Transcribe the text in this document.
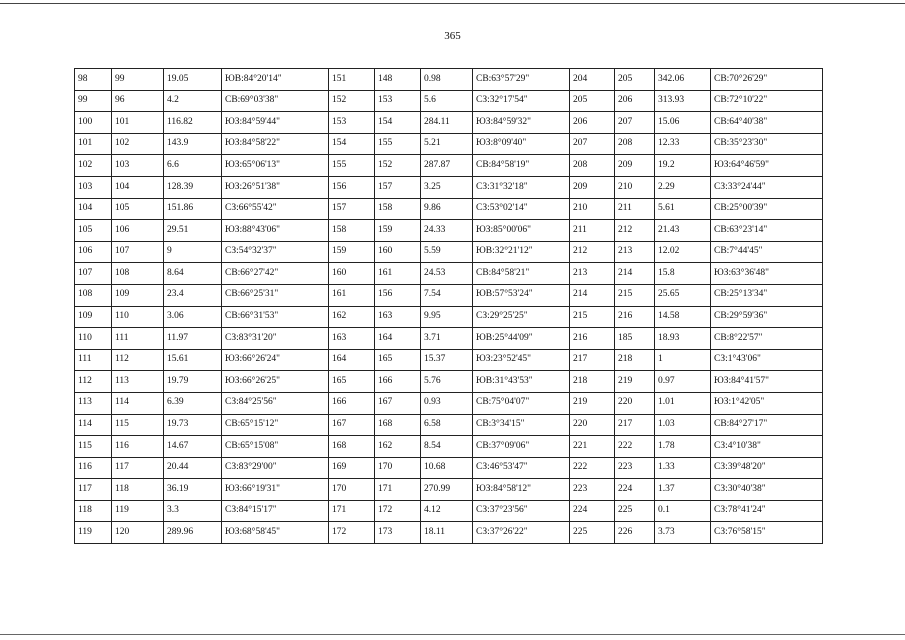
365
98	99	19.05	ЮВ:84°20'14"	151	148	0.98	СВ:63°57'29"	204	205	342.06	СВ:70°26'29"
99	96	4.2	СВ:69°03'38"	152	153	5.6	СЗ:32°17'54"	205	206	313.93	СВ:72°10'22"
100	101	116.82	ЮЗ:84°59'44"	153	154	284.11	ЮЗ:84°59'32"	206	207	15.06	СВ:64°40'38"
101	102	143.9	ЮЗ:84°58'22"	154	155	5.21	ЮЗ:8°09'40"	207	208	12.33	СВ:35°23'30"
102	103	6.6	ЮЗ:65°06'13"	155	152	287.87	СВ:84°58'19"	208	209	19.2	ЮЗ:64°46'59"
103	104	128.39	ЮЗ:26°51'38"	156	157	3.25	СЗ:31°32'18"	209	210	2.29	СЗ:33°24'44"
104	105	151.86	СЗ:66°55'42"	157	158	9.86	СЗ:53°02'14"	210	211	5.61	СВ:25°00'39"
105	106	29.51	ЮЗ:88°43'06"	158	159	24.33	ЮЗ:85°00'06"	211	212	21.43	СВ:63°23'14"
106	107	9	СЗ:54°32'37"	159	160	5.59	ЮВ:32°21'12"	212	213	12.02	СВ:7°44'45"
107	108	8.64	СВ:66°27'42"	160	161	24.53	СВ:84°58'21"	213	214	15.8	ЮЗ:63°36'48"
108	109	23.4	СВ:66°25'31"	161	156	7.54	ЮВ:57°53'24"	214	215	25.65	СВ:25°13'34"
109	110	3.06	СВ:66°31'53"	162	163	9.95	СЗ:29°25'25"	215	216	14.58	СВ:29°59'36"
110	111	11.97	СЗ:83°31'20"	163	164	3.71	ЮВ:25°44'09"	216	185	18.93	СВ:8°22'57"
111	112	15.61	ЮЗ:66°26'24"	164	165	15.37	ЮЗ:23°52'45"	217	218	1	СЗ:1°43'06"
112	113	19.79	ЮЗ:66°26'25"	165	166	5.76	ЮВ:31°43'53"	218	219	0.97	ЮЗ:84°41'57"
113	114	6.39	СЗ:84°25'56"	166	167	0.93	СВ:75°04'07"	219	220	1.01	ЮЗ:1°42'05"
114	115	19.73	СВ:65°15'12"	167	168	6.58	СВ:3°34'15"	220	217	1.03	СВ:84°27'17"
115	116	14.67	СВ:65°15'08"	168	162	8.54	СВ:37°09'06"	221	222	1.78	СЗ:4°10'38"
116	117	20.44	СЗ:83°29'00"	169	170	10.68	СЗ:46°53'47"	222	223	1.33	СЗ:39°48'20"
117	118	36.19	ЮЗ:66°19'31"	170	171	270.99	ЮЗ:84°58'12"	223	224	1.37	СЗ:30°40'38"
118	119	3.3	СЗ:84°15'17"	171	172	4.12	СЗ:37°23'56"	224	225	0.1	СЗ:78°41'24"
119	120	289.96	ЮЗ:68°58'45"	172	173	18.11	СЗ:37°26'22"	225	226	3.73	СЗ:76°58'15"
